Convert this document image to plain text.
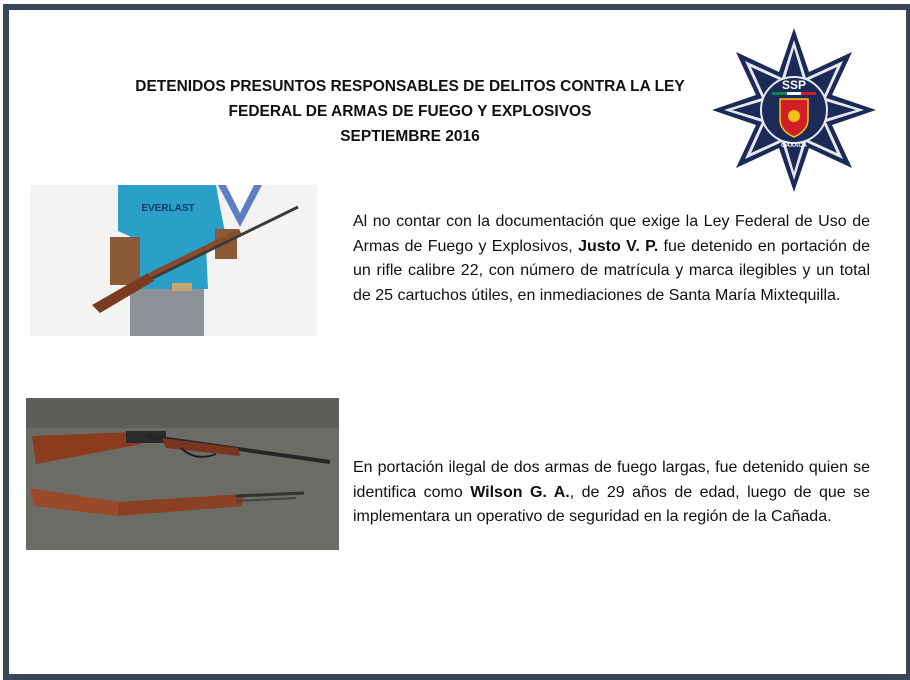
DETENIDOS PRESUNTOS RESPONSABLES DE DELITOS CONTRA LA LEY
FEDERAL DE ARMAS DE FUEGO Y EXPLOSIVOS
SEPTIEMBRE 2016
SSP
OAXACA
EVERLAST
Al no contar con la documentación que exige la Ley Federal de Uso de Armas de Fuego y Explosivos, Justo V. P. fue detenido en portación de un rifle calibre 22, con número de matrícula y marca ilegibles y un total de 25 cartuchos útiles, en inmediaciones de Santa María Mixtequilla.
En portación ilegal de dos armas de fuego largas, fue detenido quien se identifica como Wilson G. A., de 29 años de edad, luego de que se implementara un operativo de seguridad en la región de la Cañada.
